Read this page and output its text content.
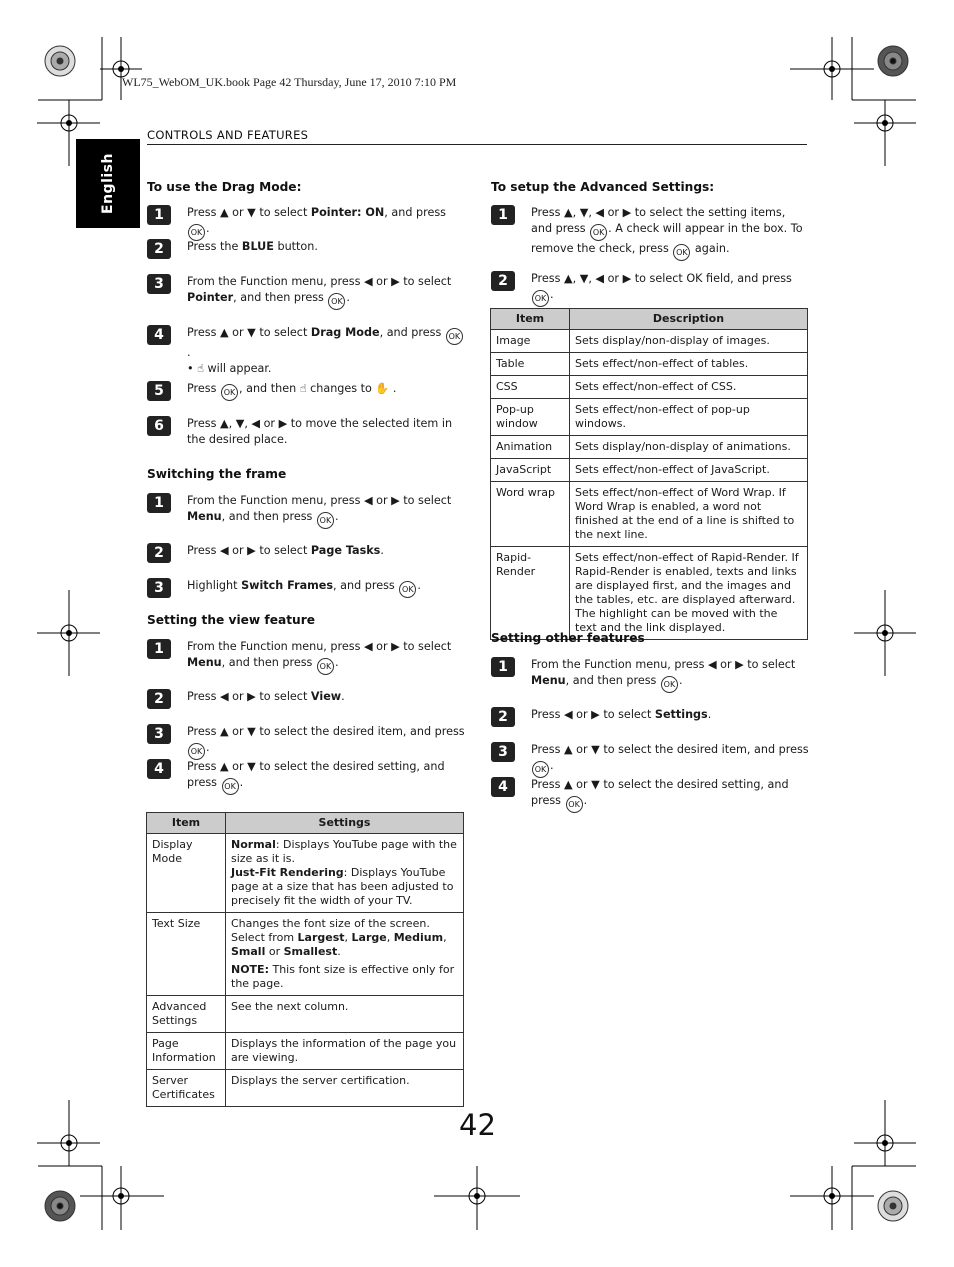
WL75_WebOM_UK.book Page 42 Thursday, June 17, 2010 7:10 PM
CONTROLS AND FEATURES
English	To use the Drag Mode:
1	Press ▲ or ▼ to select Pointer: ON, and press OK .
2	Press the BLUE button.
3	From the Function menu, press ◀ or ▶ to select Pointer, and then press OK .
4	Press ▲ or ▼ to select Drag Mode, and press OK.
• ☝ will appear.
5	Press OK , and then ☝ changes to ✋ .
6	Press ▲, ▼, ◀ or ▶ to move the selected item in the desired place.
Switching the frame
1	From the Function menu, press ◀ or ▶ to select Menu, and then press OK .
2	Press ◀ or ▶ to select Page Tasks.
3	Highlight Switch Frames, and press OK .
Setting the view feature
1	From the Function menu, press ◀ or ▶ to select Menu, and then press OK .
2	Press ◀ or ▶ to select View.
3	Press ▲ or ▼ to select the desired item, and press OK .
4	Press ▲ or ▼ to select the desired setting, and press OK .
Item	Settings
Display Mode	Normal: Displays YouTube page with the size as it is.
Just-Fit Rendering: Displays YouTube page at a size that has been adjusted to precisely fit the width of your TV.
Text Size	Changes the font size of the screen. Select from Largest, Large, Medium, Small or Smallest.
NOTE: This font size is effective only for the page.

Advanced Settings	See the next column.
Page Information	Displays the information of the page you are viewing.
Server Certificates	Displays the server certification.
To setup the Advanced Settings:
1	Press ▲, ▼, ◀ or ▶ to select the setting items, and press OK . A check will appear in the box. To remove the check, press OK again.
2	Press ▲, ▼, ◀ or ▶ to select OK field, and press OK .
Item	Description
Image	Sets display/non-display of images.
Table	Sets effect/non-effect of tables.
CSS	Sets effect/non-effect of CSS.
Pop-up window	Sets effect/non-effect of pop-up windows.
Animation	Sets display/non-display of animations.
JavaScript	Sets effect/non-effect of JavaScript.
Word wrap	Sets effect/non-effect of Word Wrap. If Word Wrap is enabled, a word not finished at the end of a line is shifted to the next line.
Rapid-Render	Sets effect/non-effect of Rapid-Render. If Rapid-Render is enabled, texts and links are displayed first, and the images and the tables, etc. are displayed afterward. The highlight can be moved with the text and the link displayed.
Setting other features
1	From the Function menu, press ◀ or ▶ to select Menu, and then press OK .
2	Press ◀ or ▶ to select Settings.
3	Press ▲ or ▼ to select the desired item, and press OK .
4	Press ▲ or ▼ to select the desired setting, and press OK .
42
